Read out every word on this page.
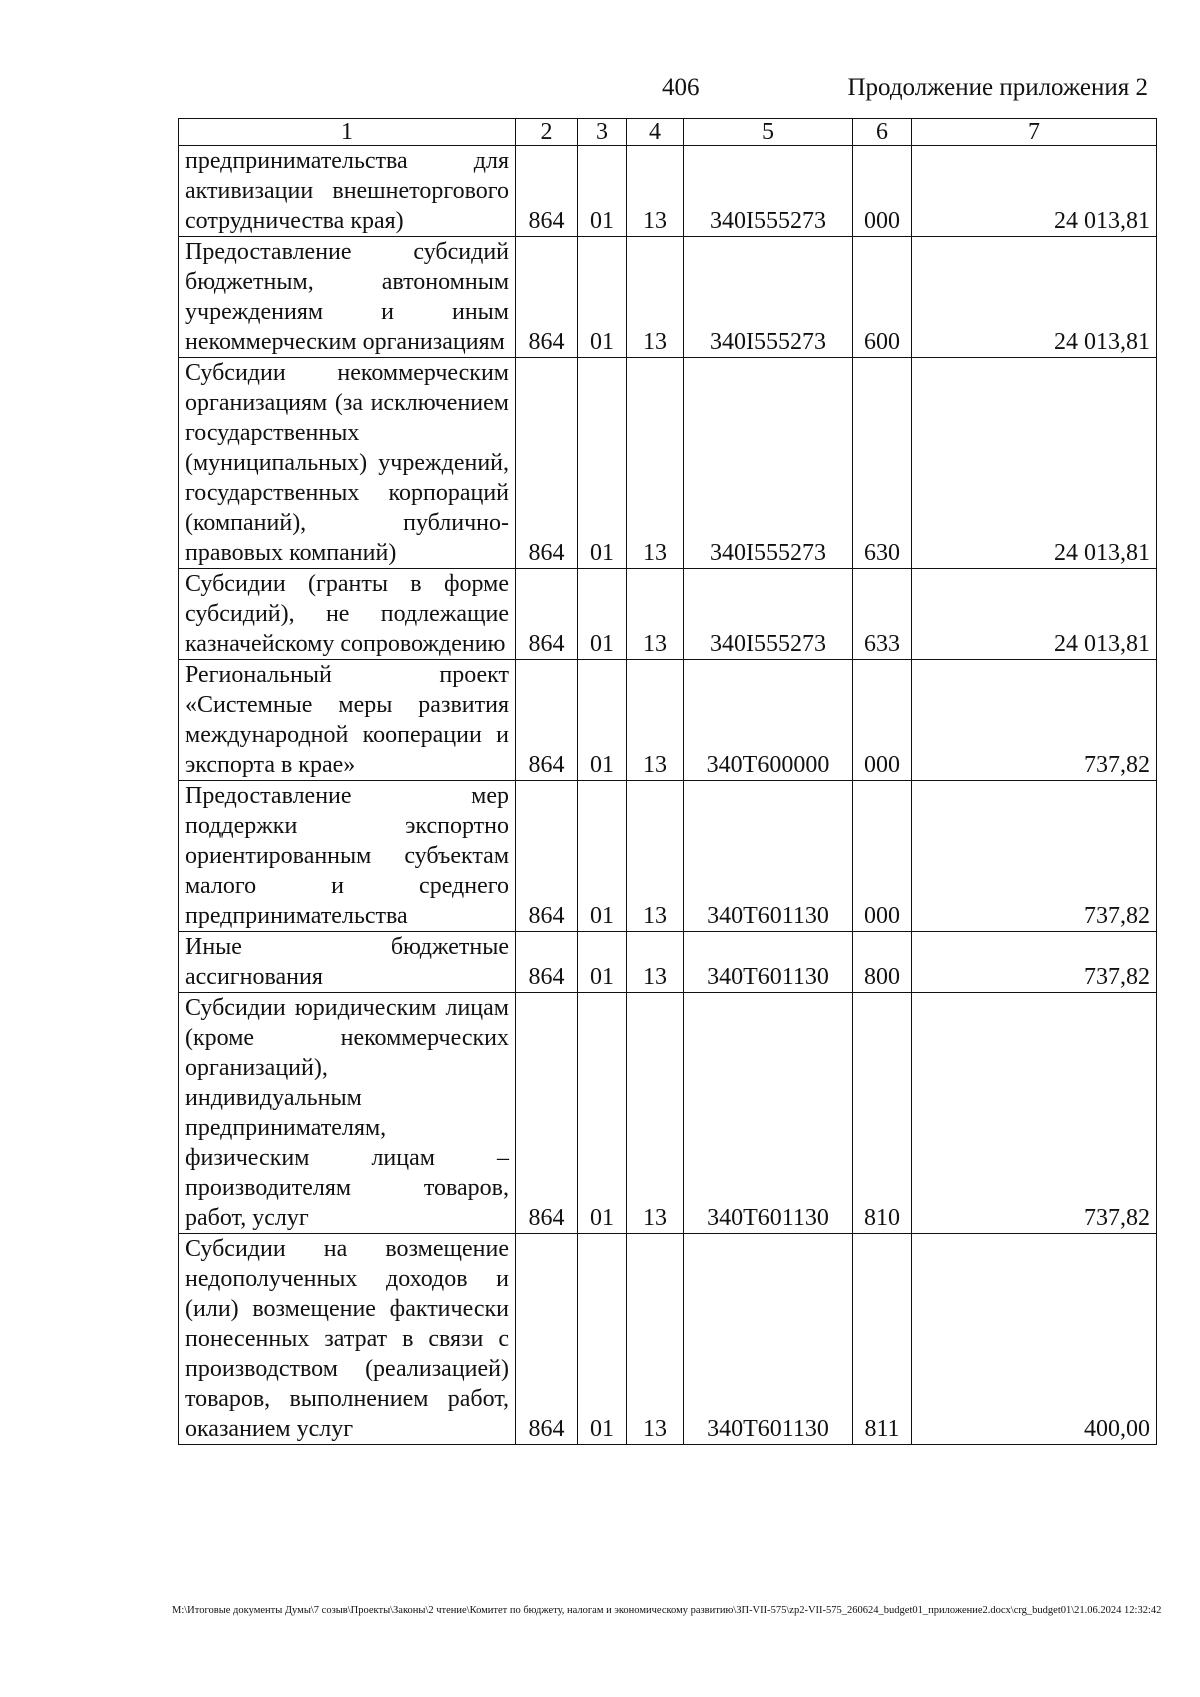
406	Продолжение приложения 2
1	2	3	4	5	6	7
предпринимательства для активизации внешнеторгового сотрудничества края)	864	01	13	340I555273	000	24 013,81
Предоставление субсидий бюджетным, автономным учреждениям и иным некоммерческим организациям	864	01	13	340I555273	600	24 013,81
Субсидии некоммерческим организациям (за исключением государственных (муниципальных) учреждений, государственных корпораций (компаний), публично-правовых компаний)	864	01	13	340I555273	630	24 013,81
Субсидии (гранты в форме субсидий), не подлежащие казначейскому сопровождению	864	01	13	340I555273	633	24 013,81
Региональный проект «Системные меры развития международной кооперации и экспорта в крае»	864	01	13	340T600000	000	737,82
Предоставление мер поддержки экспортно ориентированным субъектам малого и среднего предпринимательства	864	01	13	340T601130	000	737,82
Иные бюджетные ассигнования	864	01	13	340T601130	800	737,82
Субсидии юридическим лицам (кроме некоммерческих организаций), индивидуальным предпринимателям, физическим лицам – производителям товаров, работ, услуг	864	01	13	340T601130	810	737,82
Субсидии на возмещение недополученных доходов и (или) возмещение фактически понесенных затрат в связи с производством (реализацией) товаров, выполнением работ, оказанием услуг	864	01	13	340T601130	811	400,00
M:\Итоговые документы Думы\7 созыв\Проекты\Законы\2 чтение\Комитет по бюджету, налогам и экономическому развитию\ЗП-VII-575\zp2-VII-575_260624_budget01_приложение2.docx\crg_budget01\21.06.2024 12:32:42
